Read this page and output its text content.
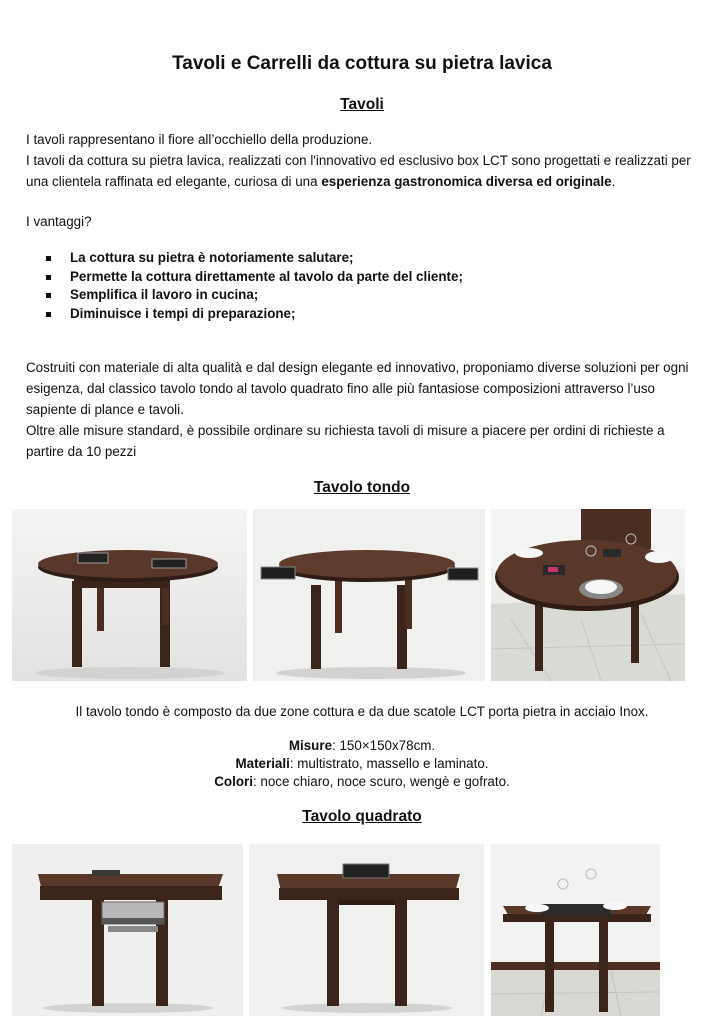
Tavoli e Carrelli da cottura su pietra lavica
Tavoli

I tavoli rappresentano il fiore all’occhiello della produzione.

I tavoli da cottura su pietra lavica, realizzati con l'innovativo ed esclusivo box LCT sono progettati e realizzati per una clientela raffinata ed elegante, curiosa di una esperienza gastronomica diversa ed originale.

I vantaggi?

La cottura su pietra è notoriamente salutare;
Permette la cottura direttamente al tavolo da parte del cliente;
Semplifica il lavoro in cucina;
Diminuisce i tempi di preparazione;

Costruiti con materiale di alta qualità e dal design elegante ed innovativo, proponiamo diverse soluzioni per ogni esigenza, dal classico tavolo tondo al tavolo quadrato fino alle più fantasiose composizioni attraverso l’uso sapiente di plance e tavoli.

Oltre alle misure standard, è possibile ordinare su richiesta tavoli di misure a piacere per ordini di richieste a partire da 10 pezzi

Tavolo tondo

Il tavolo tondo è composto da due zone cottura e da due scatole LCT porta pietra in acciaio Inox.

Misure: 150×150x78cm.

Materiali: multistrato, massello e laminato.

Colori: noce chiaro, noce scuro, wengè e gofrato.

Tavolo quadrato
